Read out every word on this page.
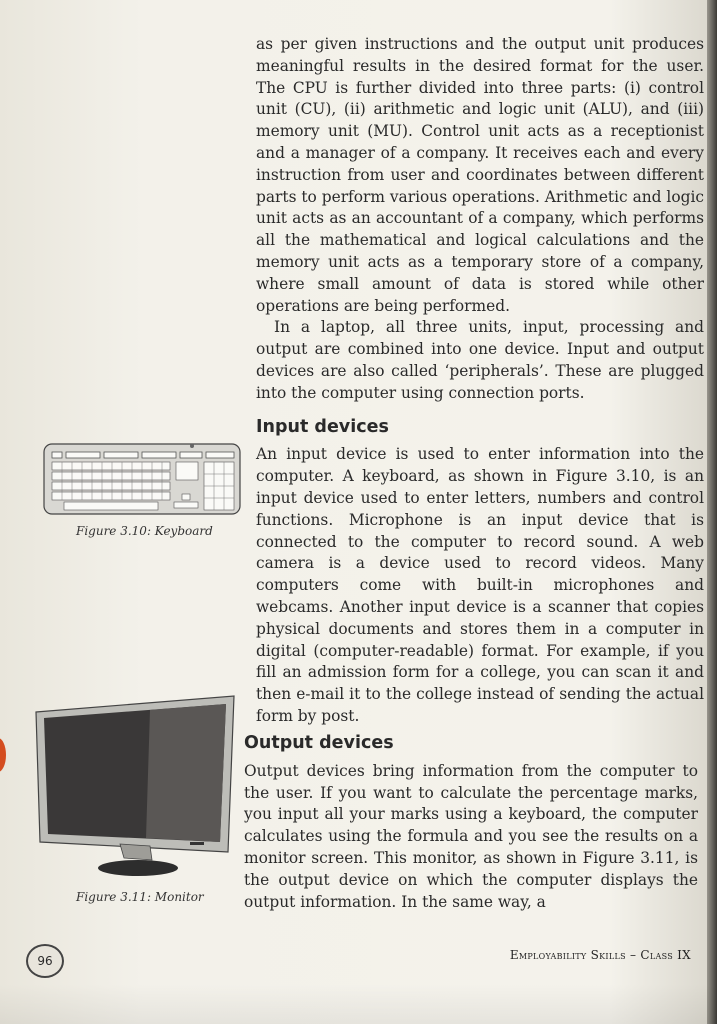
as per given instructions and the output unit produces meaningful results in the desired format for the user. The CPU is further divided into three parts: (i) control unit (CU), (ii) arithmetic and logic unit (ALU), and (iii) memory unit (MU). Control unit acts as a receptionist and a manager of a company. It receives each and every instruction from user and coordinates between different parts to perform various operations. Arithmetic and logic unit acts as an accountant of a company, which performs all the mathematical and logical calculations and the memory unit acts as a temporary store of a company, where small amount of data is stored while other operations are being performed.

In a laptop, all three units, input, processing and output are combined into one device. Input and output devices are also called ‘peripherals’. These are plugged into the computer using connection ports.

Input devices

An input device is used to enter information into the computer. A keyboard, as shown in Figure 3.10, is an input device used to enter letters, numbers and control functions. Microphone is an input device that is connected to the computer to record sound. A web camera is a device used to record videos. Many computers come with built-in microphones and webcams. Another input device is a scanner that copies physical documents and stores them in a computer in digital (computer-readable) format. For example, if you fill an admission form for a college, you can scan it and then e-mail it to the college instead of sending the actual form by post.

Output devices

Output devices bring information from the computer to the user. If you want to calculate the percentage marks, you input all your marks using a keyboard, the computer calculates using the formula and you see the results on a monitor screen. This monitor, as shown in Figure 3.11, is the output device on which the computer displays the output information. In the same way, a

Figure 3.10: Keyboard
Figure 3.11: Monitor
96	Employability Skills – Class IX
